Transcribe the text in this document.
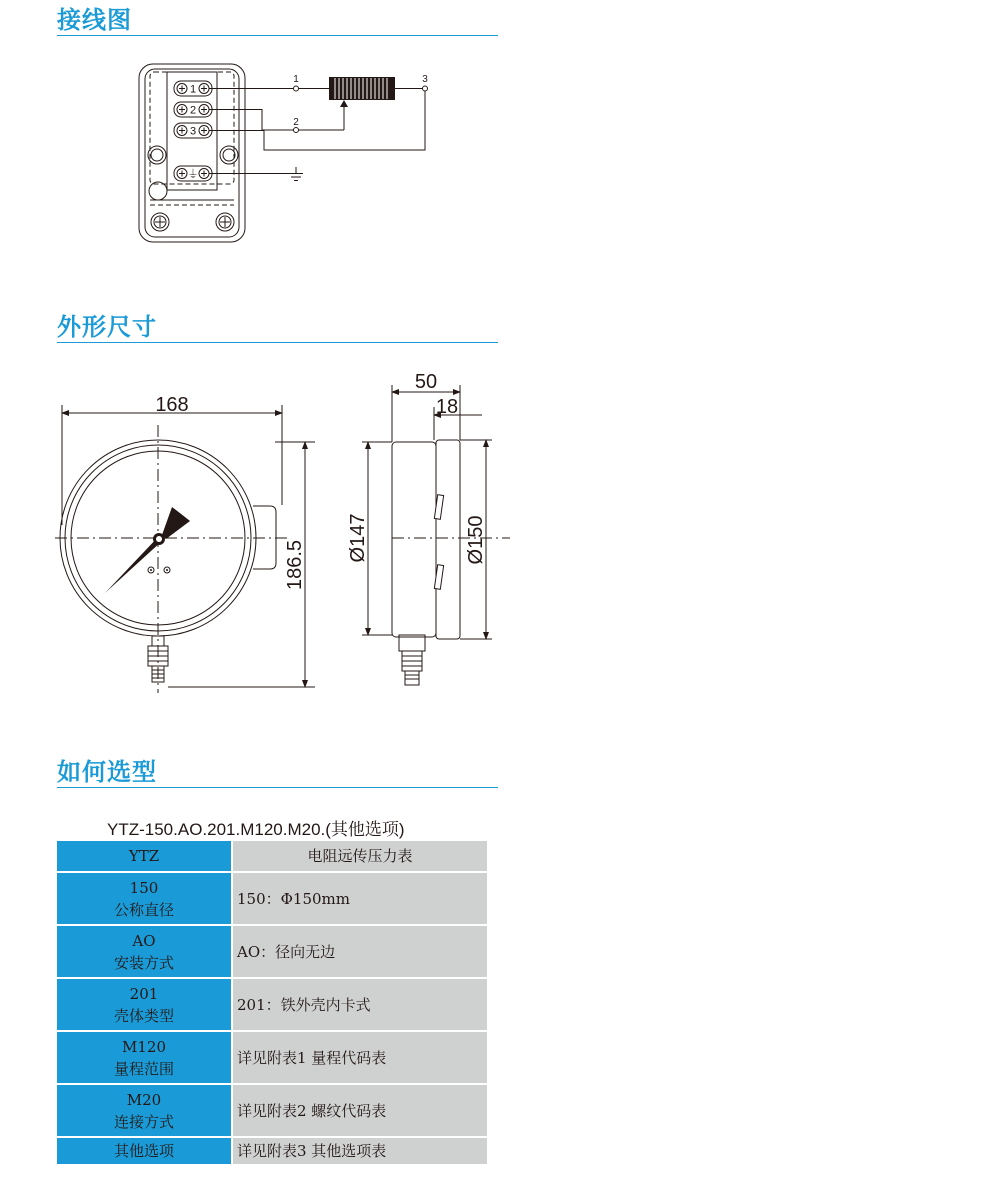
接线图
1
2
3
⏚
1
2
3
外形尺寸
168
186.5
50
18
Ø147	Ø150
如何选型
YTZ-150.AO.201.M120.M20.(其他选项)
YTZ	电阻远传压力表

150
公称直径	150：Φ150mm

AO
安装方式	AO：径向无边

201
壳体类型	201：铁外壳内卡式

M120
量程范围	详见附表1 量程代码表

M20
连接方式	详见附表2 螺纹代码表

其他选项	详见附表3 其他选项表
